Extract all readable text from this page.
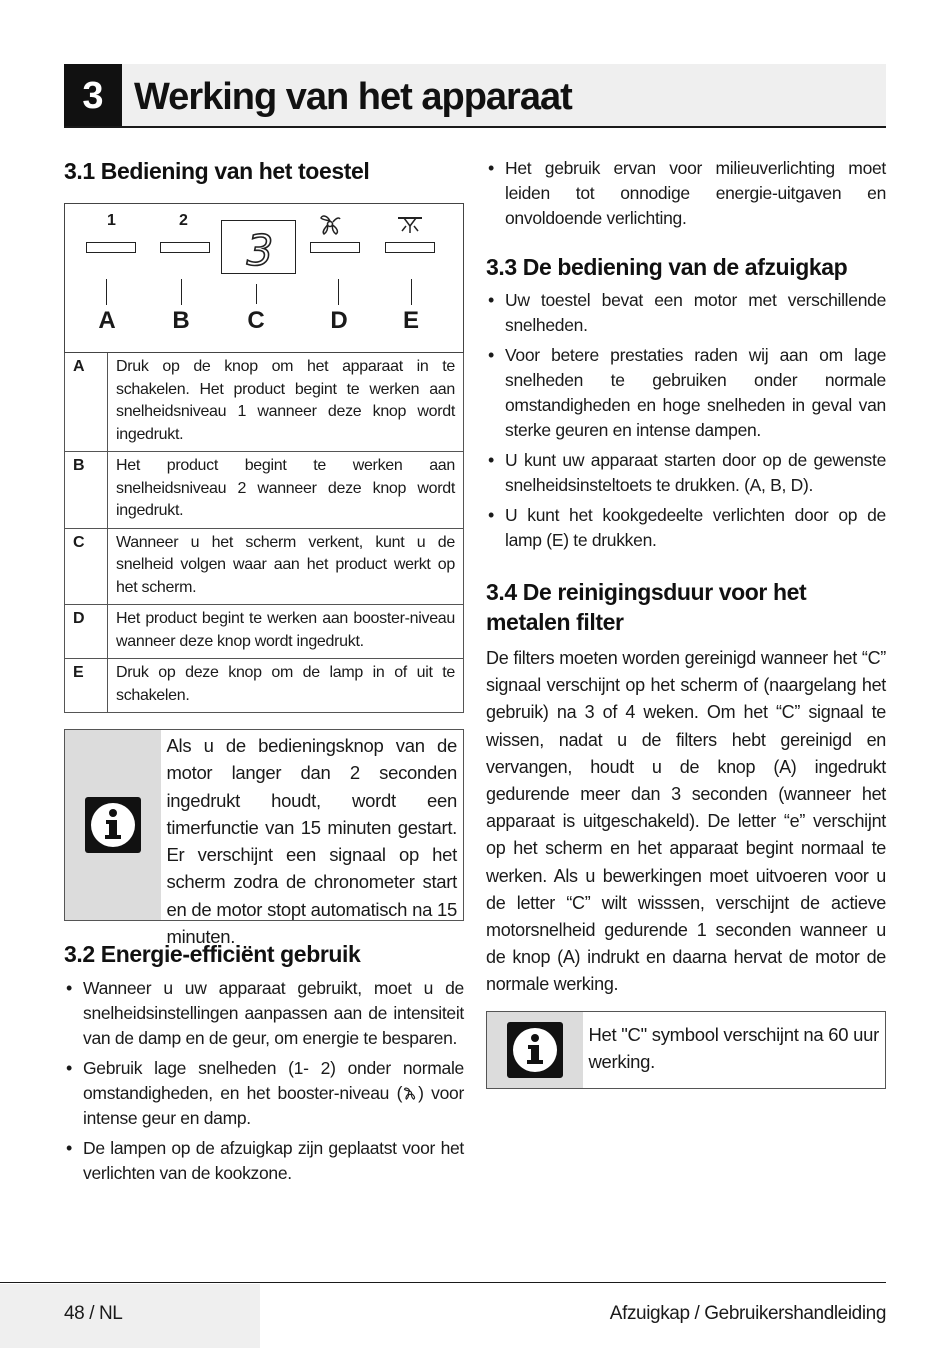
3 Werking van het apparaat
3.1 Bediening van het toestel
1	2
3
A B C	D E
A	Druk op de knop om het apparaat in te schakelen. Het product begint te werken aan snelheidsniveau 1 wanneer deze knop wordt ingedrukt.
B	Het product begint te werken aan snelheidsniveau 2 wanneer deze knop wordt ingedrukt.
C	Wanneer u het scherm verkent, kunt u de snelheid volgen waar aan het product werkt op het scherm.
D	Het product begint te werken aan booster-niveau wanneer deze knop wordt ingedrukt.
E	Druk op deze knop om de lamp in of uit te schakelen.

Als u de bedieningsknop van de motor langer dan 2 seconden ingedrukt houdt, wordt een timerfunctie van 15 minuten gestart. Er verschijnt een signaal op het scherm zodra de chronometer start en de motor stopt automatisch na 15 minuten.

3.2 Energie-efficiënt gebruik
• Wanneer u uw apparaat gebruikt, moet u de snelheidsinstellingen aanpassen aan de intensiteit van de damp en de geur, om energie te besparen.
• Gebruik lage snelheden (1- 2) onder normale omstandigheden, en het booster-niveau ( ) voor intense geur en damp.
• De lampen op de afzuigkap zijn geplaatst voor het verlichten van de kookzone.
• Het gebruik ervan voor milieuverlichting moet leiden tot onnodige energie-uitgaven en onvoldoende verlichting.
3.3 De bediening van de afzuigkap
• Uw toestel bevat een motor met verschillende snelheden.
• Voor betere prestaties raden wij aan om lage snelheden te gebruiken onder normale omstandigheden en hoge snelheden in geval van sterke geuren en intense dampen.
• U kunt uw apparaat starten door op de gewenste snelheidsinsteltoets te drukken. (A, B, D).
• U kunt het kookgedeelte verlichten door op de lamp (E) te drukken.
3.4 De reinigingsduur voor het metalen filter

De filters moeten worden gereinigd wanneer het “C” signaal verschijnt op het scherm of (naargelang het gebruik) na 3 of 4 weken. Om het “C” signaal te wissen, nadat u de filters hebt gereinigd en vervangen, houdt u de knop (A) ingedrukt gedurende meer dan 3 seconden (wanneer het apparaat is uitgeschakeld). De letter “e” verschijnt op het scherm en het apparaat begint normaal te werken. Als u bewerkingen moet uitvoeren voor u de letter “C” wilt wisssen, verschijnt de actieve motorsnelheid gedurende 1 seconden wanneer u de knop (A) indrukt en daarna hervat de motor de normale werking.

Het "C" symbool verschijnt na 60 uur werking.

48 / NL	Afzuigkap / Gebruikershandleiding
